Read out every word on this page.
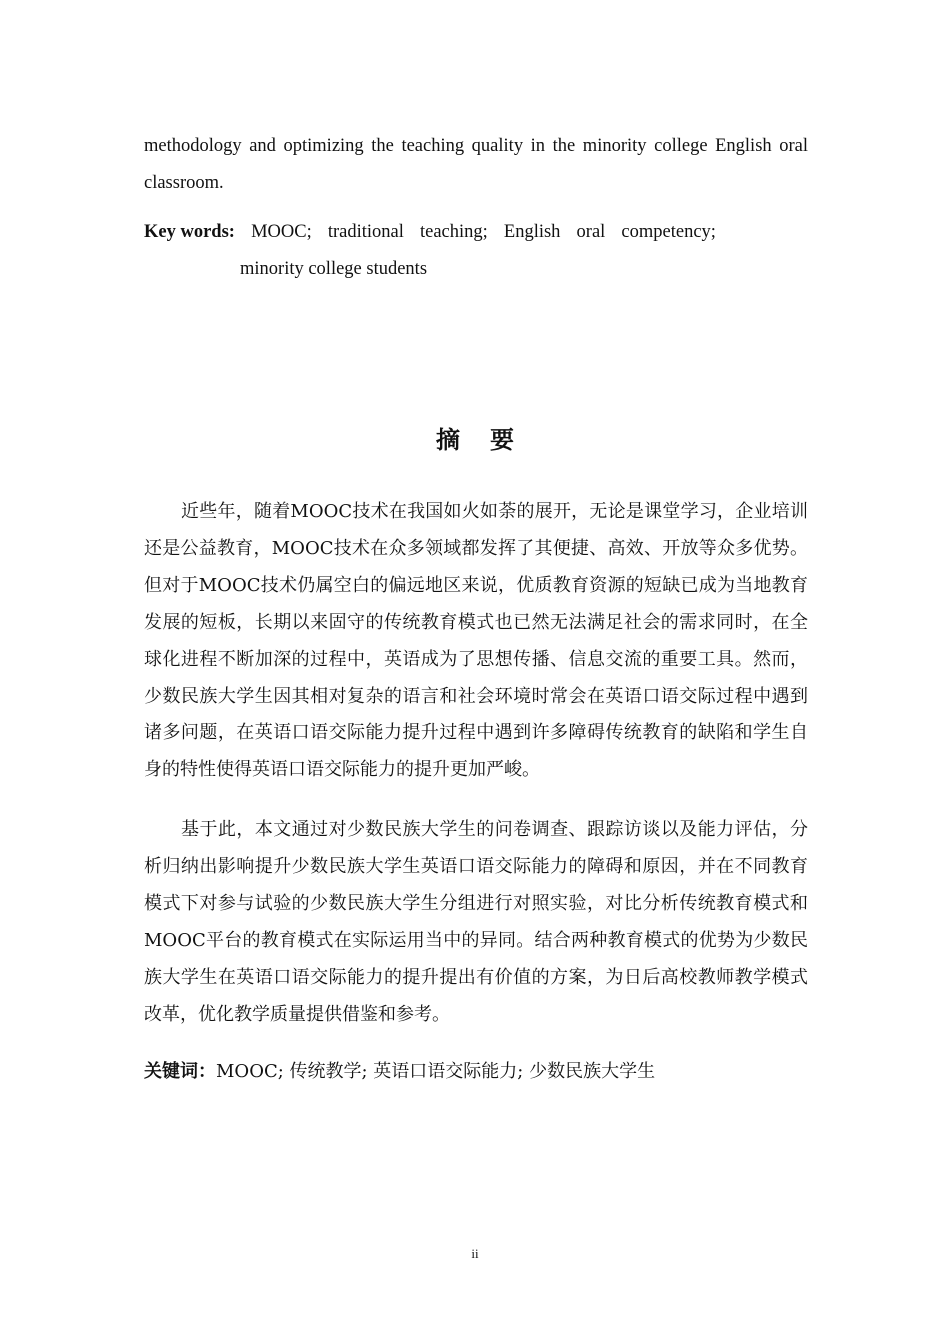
methodology and optimizing the teaching quality in the minority college English oral classroom.

Key words: MOOC; traditional teaching; English oral competency;
minority college students
摘要

近些年，随着MOOC技术在我国如火如荼的展开，无论是课堂学习，企业培训还是公益教育，MOOC技术在众多领域都发挥了其便捷、高效、开放等众多优势。但对于MOOC技术仍属空白的偏远地区来说，优质教育资源的短缺已成为当地教育发展的短板，长期以来固守的传统教育模式也已然无法满足社会的需求同时，在全球化进程不断加深的过程中，英语成为了思想传播、信息交流的重要工具。然而，少数民族大学生因其相对复杂的语言和社会环境时常会在英语口语交际过程中遇到诸多问题，在英语口语交际能力提升过程中遇到许多障碍传统教育的缺陷和学生自身的特性使得英语口语交际能力的提升更加严峻。

基于此，本文通过对少数民族大学生的问卷调查、跟踪访谈以及能力评估，分析归纳出影响提升少数民族大学生英语口语交际能力的障碍和原因，并在不同教育模式下对参与试验的少数民族大学生分组进行对照实验，对比分析传统教育模式和MOOC平台的教育模式在实际运用当中的异同。结合两种教育模式的优势为少数民族大学生在英语口语交际能力的提升提出有价值的方案，为日后高校教师教学模式改革，优化教学质量提供借鉴和参考。

关键词：MOOC; 传统教学; 英语口语交际能力; 少数民族大学生

ii
